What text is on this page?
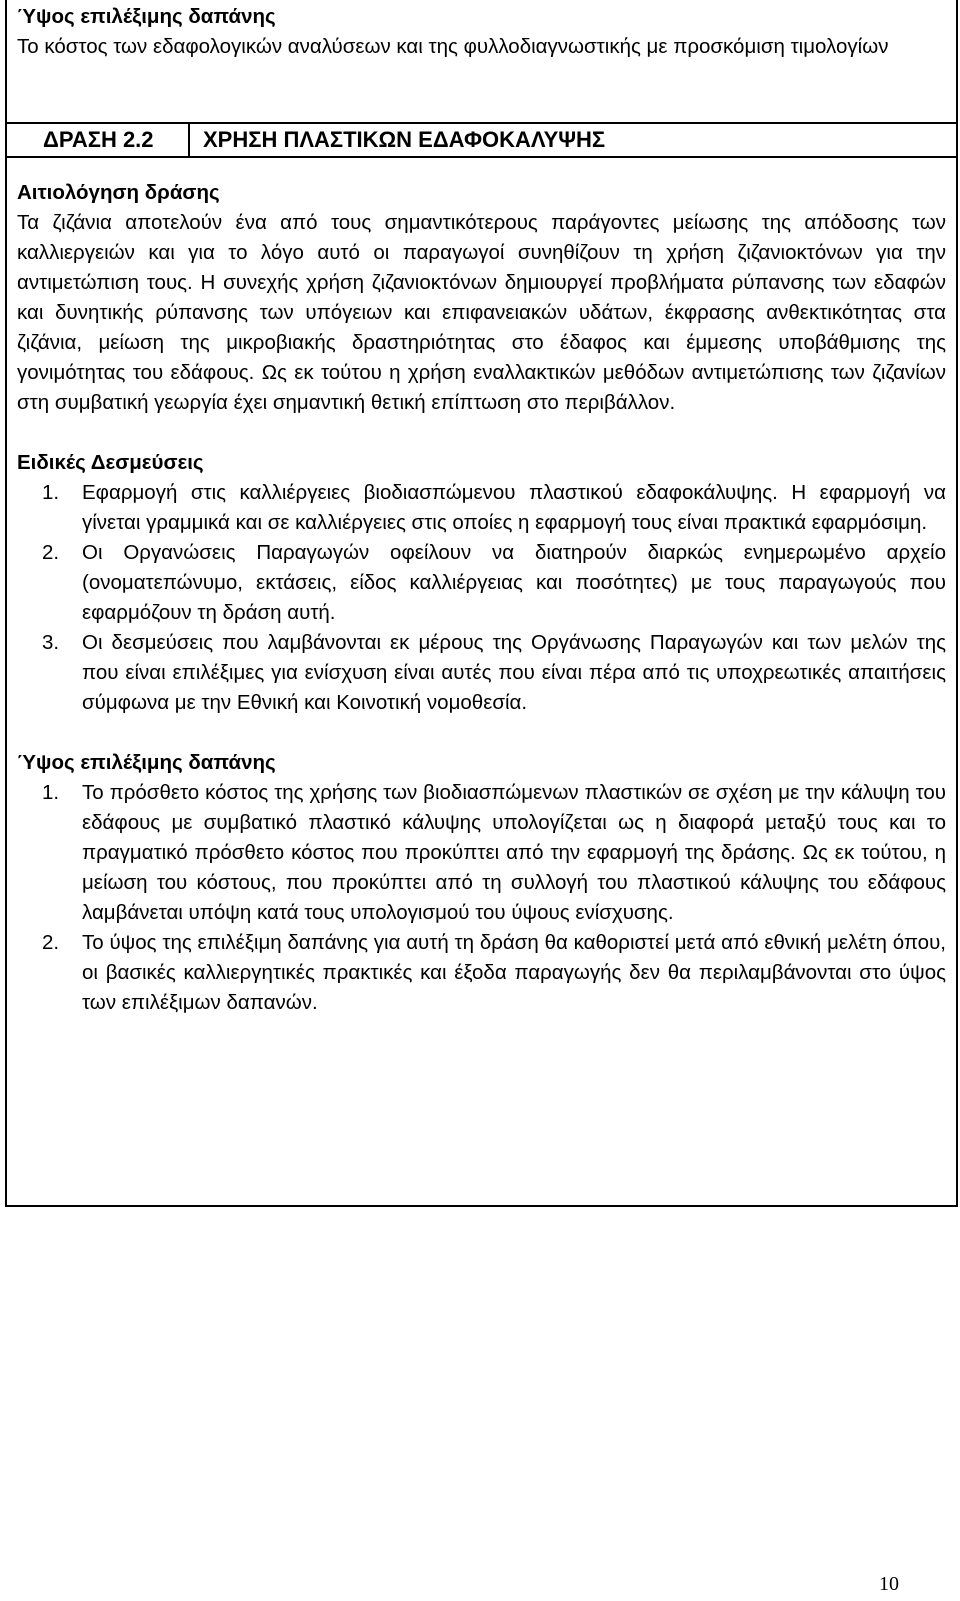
Ύψος επιλέξιμης δαπάνης
Το κόστος των εδαφολογικών αναλύσεων και της φυλλοδιαγνωστικής με προσκόμιση τιμολογίων
ΔΡΑΣΗ 2.2 ΧΡΗΣΗ ΠΛΑΣΤΙΚΩΝ ΕΔΑΦΟΚΑΛΥΨΗΣ
Αιτιολόγηση δράσης
Τα ζιζάνια αποτελούν ένα από τους σημαντικότερους παράγοντες μείωσης της απόδοσης των καλλιεργειών και για το λόγο αυτό οι παραγωγοί συνηθίζουν τη χρήση ζιζανιοκτόνων για την αντιμετώπιση τους. Η συνεχής χρήση ζιζανιοκτόνων δημιουργεί προβλήματα ρύπανσης των εδαφών και δυνητικής ρύπανσης των υπόγειων και επιφανειακών υδάτων, έκφρασης ανθεκτικότητας στα ζιζάνια, μείωση της μικροβιακής δραστηριότητας στο έδαφος και έμμεσης υποβάθμισης της γονιμότητας του εδάφους. Ως εκ τούτου η χρήση εναλλακτικών μεθόδων αντιμετώπισης των ζιζανίων στη συμβατική γεωργία έχει σημαντική θετική επίπτωση στο περιβάλλον.
Ειδικές Δεσμεύσεις
1. Εφαρμογή στις καλλιέργειες βιοδιασπώμενου πλαστικού εδαφοκάλυψης. Η εφαρμογή να γίνεται γραμμικά και σε καλλιέργειες στις οποίες η εφαρμογή τους είναι πρακτικά εφαρμόσιμη.
2. Οι Οργανώσεις Παραγωγών οφείλουν να διατηρούν διαρκώς ενημερωμένο αρχείο (ονοματεπώνυμο, εκτάσεις, είδος καλλιέργειας και ποσότητες) με τους παραγωγούς που εφαρμόζουν τη δράση αυτή.
3. Οι δεσμεύσεις που λαμβάνονται εκ μέρους της Οργάνωσης Παραγωγών και των μελών της που είναι επιλέξιμες για ενίσχυση είναι αυτές που είναι πέρα από τις υποχρεωτικές απαιτήσεις σύμφωνα με την Εθνική και Κοινοτική νομοθεσία.
Ύψος επιλέξιμης δαπάνης
1. Το πρόσθετο κόστος της χρήσης των βιοδιασπώμενων πλαστικών σε σχέση με την κάλυψη του εδάφους με συμβατικό πλαστικό κάλυψης υπολογίζεται ως η διαφορά μεταξύ τους και το πραγματικό πρόσθετο κόστος που προκύπτει από την εφαρμογή της δράσης. Ως εκ τούτου, η μείωση του κόστους, που προκύπτει από τη συλλογή του πλαστικού κάλυψης του εδάφους λαμβάνεται υπόψη κατά τους υπολογισμού του ύψους ενίσχυσης.
2. Το ύψος της επιλέξιμη δαπάνης για αυτή τη δράση θα καθοριστεί μετά από εθνική μελέτη όπου, οι βασικές καλλιεργητικές πρακτικές και έξοδα παραγωγής δεν θα περιλαμβάνονται στο ύψος των επιλέξιμων δαπανών.
10
